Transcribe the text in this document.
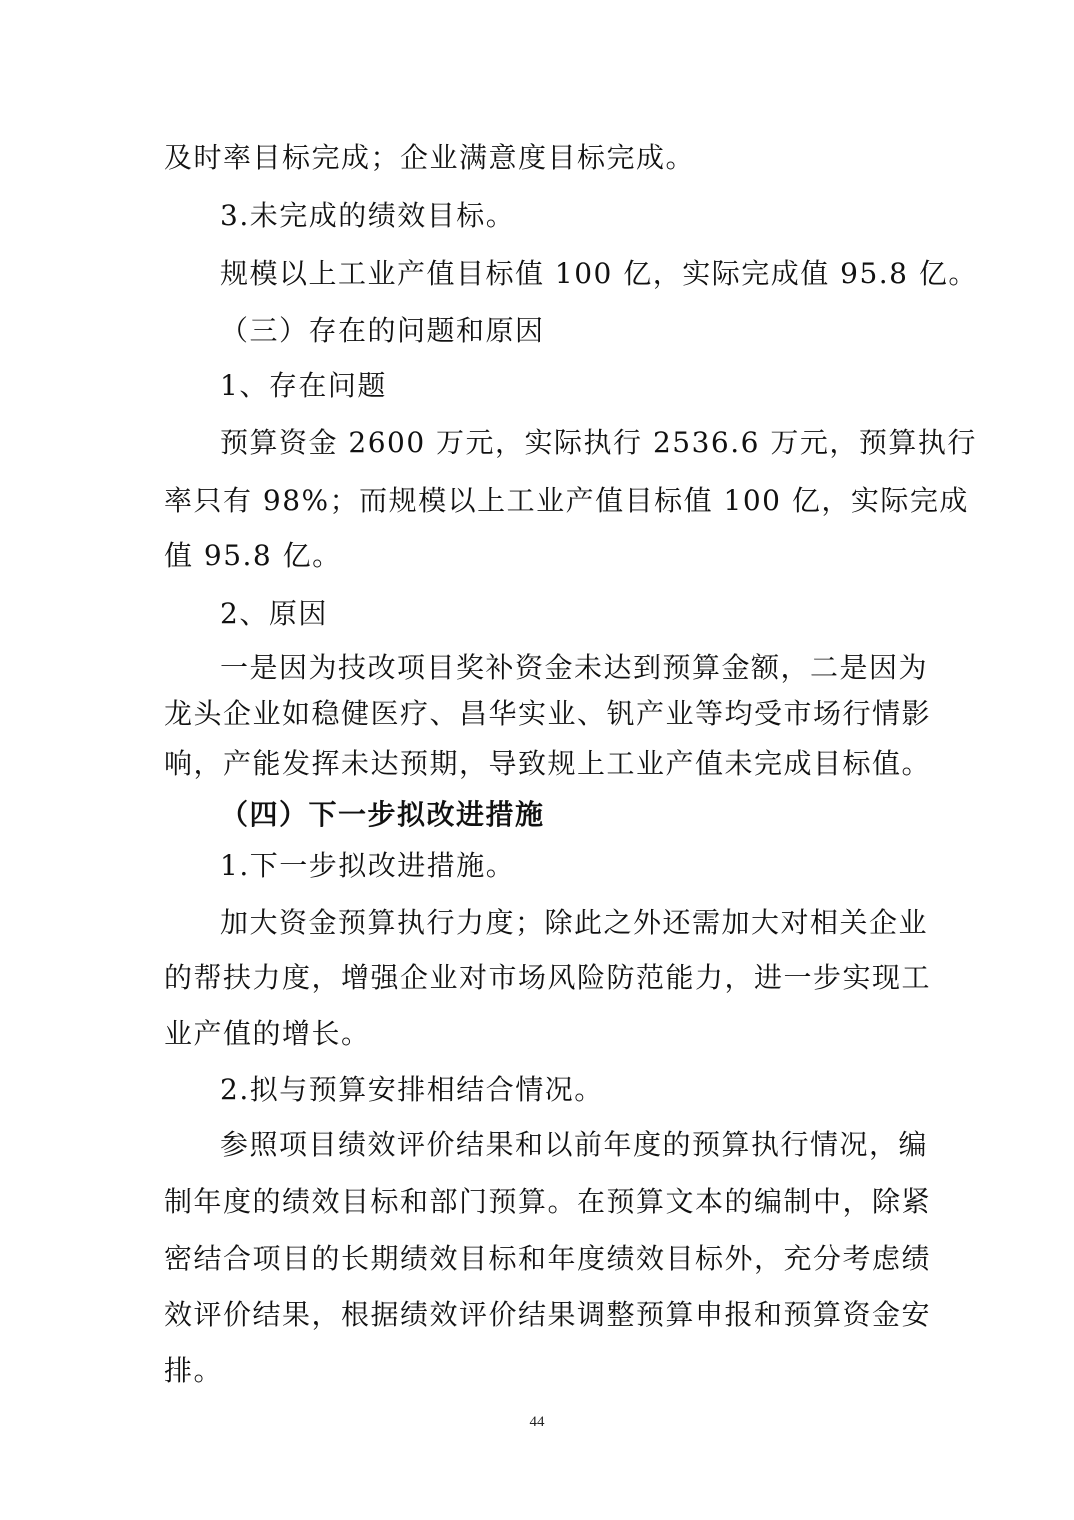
及时率目标完成；企业满意度目标完成。
3.未完成的绩效目标。
规模以上工业产值目标值 100 亿，实际完成值 95.8 亿。
（三）存在的问题和原因
1、存在问题
预算资金 2600 万元，实际执行 2536.6 万元，预算执行
率只有 98%；而规模以上工业产值目标值 100 亿，实际完成
值 95.8 亿。
2、原因
一是因为技改项目奖补资金未达到预算金额，二是因为
龙头企业如稳健医疗、昌华实业、钒产业等均受市场行情影
响，产能发挥未达预期，导致规上工业产值未完成目标值。
（四）下一步拟改进措施
1.下一步拟改进措施。
加大资金预算执行力度；除此之外还需加大对相关企业
的帮扶力度，增强企业对市场风险防范能力，进一步实现工
业产值的增长。
2.拟与预算安排相结合情况。
参照项目绩效评价结果和以前年度的预算执行情况，编
制年度的绩效目标和部门预算。在预算文本的编制中，除紧
密结合项目的长期绩效目标和年度绩效目标外，充分考虑绩
效评价结果，根据绩效评价结果调整预算申报和预算资金安
排。
44
